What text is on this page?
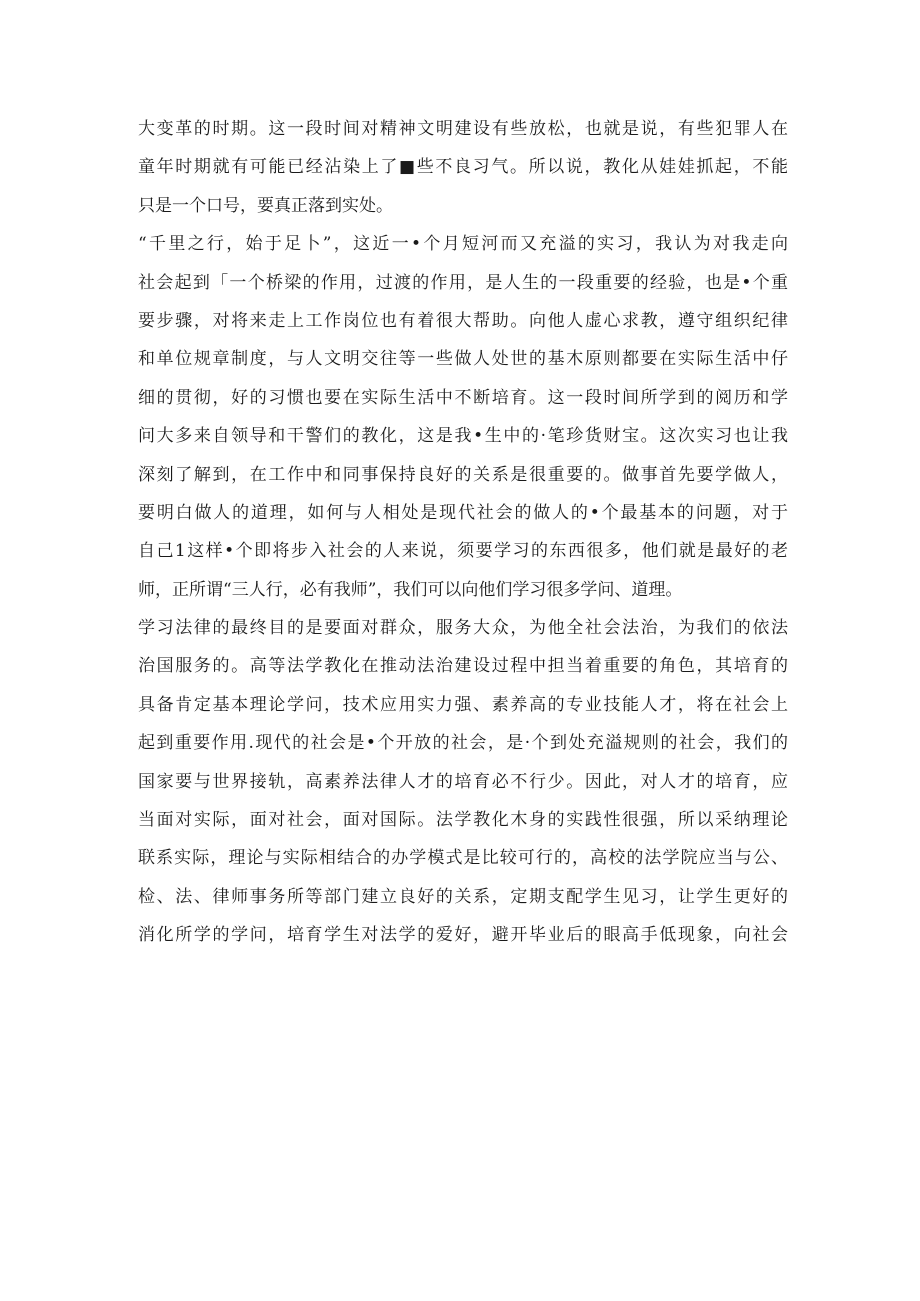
大变革的时期。这一段时间对精神文明建设有些放松，也就是说，有些犯罪人在
童年时期就有可能已经沾染上了■些不良习气。所以说，教化从娃娃抓起，不能
只是一个口号，要真正落到实处。
“千里之行，始于足卜”，这近一•个月短河而又充溢的实习，我认为对我走向
社会起到「一个桥梁的作用，过渡的作用，是人生的一段重要的经验，也是•个重
要步骤，对将来走上工作岗位也有着很大帮助。向他人虚心求教，遵守组织纪律
和单位规章制度，与人文明交往等一些做人处世的基木原则都要在实际生活中仔
细的贯彻，好的习惯也要在实际生活中不断培育。这一段时间所学到的阅历和学
问大多来自领导和干警们的教化，这是我•生中的·笔珍货财宝。这次实习也让我
深刻了解到，在工作中和同事保持良好的关系是很重要的。做事首先要学做人，
要明白做人的道理，如何与人相处是现代社会的做人的•个最基本的问题，对于
自己1这样•个即将步入社会的人来说，须要学习的东西很多，他们就是最好的老
师，正所谓“三人行，必有我师”，我们可以向他们学习很多学问、道理。
学习法律的最终目的是要面对群众，服务大众，为他全社会法治，为我们的依法
治国服务的。高等法学教化在推动法治建设过程中担当着重要的角色，其培育的
具备肯定基本理论学问，技术应用实力强、素养高的专业技能人才，将在社会上
起到重要作用.现代的社会是•个开放的社会，是·个到处充溢规则的社会，我们的
国家要与世界接轨，高素养法律人才的培育必不行少。因此，对人才的培育，应
当面对实际，面对社会，面对国际。法学教化木身的实践性很强，所以采纳理论
联系实际，理论与实际相结合的办学模式是比较可行的，高校的法学院应当与公、
检、法、律师事务所等部门建立良好的关系，定期支配学生见习，让学生更好的
消化所学的学问，培育学生对法学的爱好，避开毕业后的眼高手低现象，向社会
